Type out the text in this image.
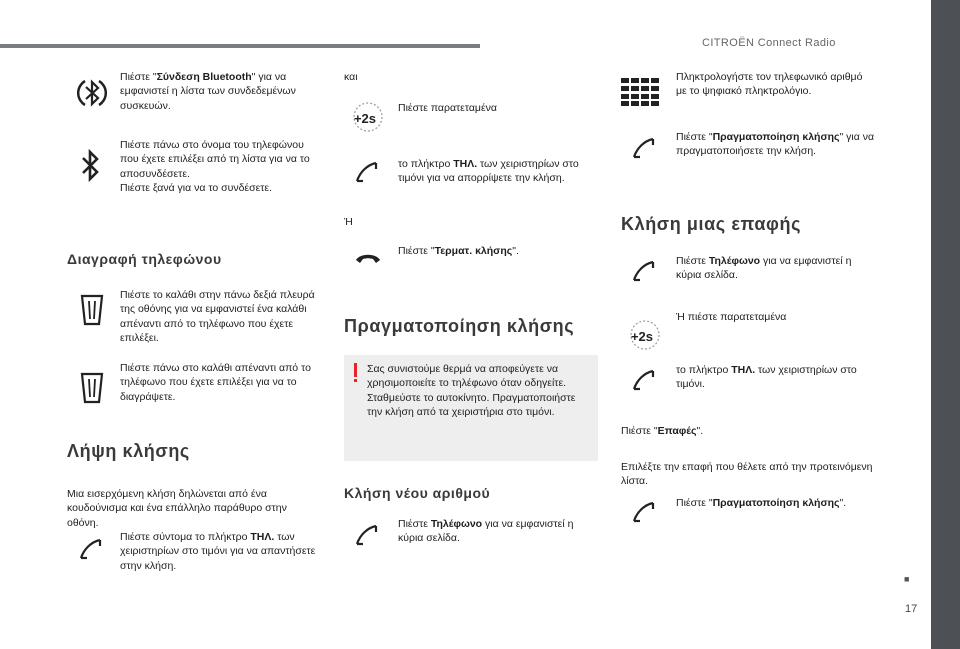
CITROËN Connect Radio
■
17
Πιέστε "Σύνδεση Bluetooth" για να εμφανιστεί η λίστα των συνδεδεμένων συσκευών.
Πιέστε πάνω στο όνομα του τηλεφώνου που έχετε επιλέξει από τη λίστα για να το αποσυνδέσετε.
Πιέστε ξανά για να το συνδέσετε.
Διαγραφή τηλεφώνου
Πιέστε το καλάθι στην πάνω δεξιά πλευρά της οθόνης για να εμφανιστεί ένα καλάθι απέναντι από το τηλέφωνο που έχετε επιλέξει.
Πιέστε πάνω στο καλάθι απέναντι από το τηλέφωνο που έχετε επιλέξει για να το διαγράψετε.
Λήψη κλήσης
Μια εισερχόμενη κλήση δηλώνεται από ένα κουδούνισμα και ένα επάλληλο παράθυρο στην οθόνη.
Πιέστε σύντομα το πλήκτρο ΤΗΛ. των χειριστηρίων στο τιμόνι για να απαντήσετε στην κλήση.
και
+2s
Πιέστε παρατεταμένα
το πλήκτρο ΤΗΛ. των χειριστηρίων στο τιμόνι για να απορρίψετε την κλήση.
Ή
Πιέστε "Τερματ. κλήσης".
Πραγματοποίηση κλήσης
Σας συνιστούμε θερμά να αποφεύγετε να χρησιμοποιείτε το τηλέφωνο όταν οδηγείτε. Σταθμεύστε το αυτοκίνητο. Πραγματοποιήστε την κλήση από τα χειριστήρια στο τιμόνι.
Κλήση νέου αριθμού
Πιέστε Τηλέφωνο για να εμφανιστεί η κύρια σελίδα.
Πληκτρολογήστε τον τηλεφωνικό αριθμό με το ψηφιακό πληκτρολόγιο.
Πιέστε "Πραγματοποίηση κλήσης" για να πραγματοποιήσετε την κλήση.
Κλήση μιας επαφής
Πιέστε Τηλέφωνο για να εμφανιστεί η κύρια σελίδα.
+2s
Ή πιέστε παρατεταμένα
το πλήκτρο ΤΗΛ. των χειριστηρίων στο τιμόνι.
Πιέστε "Επαφές".
Επιλέξτε την επαφή που θέλετε από την προτεινόμενη λίστα.
Πιέστε "Πραγματοποίηση κλήσης".
